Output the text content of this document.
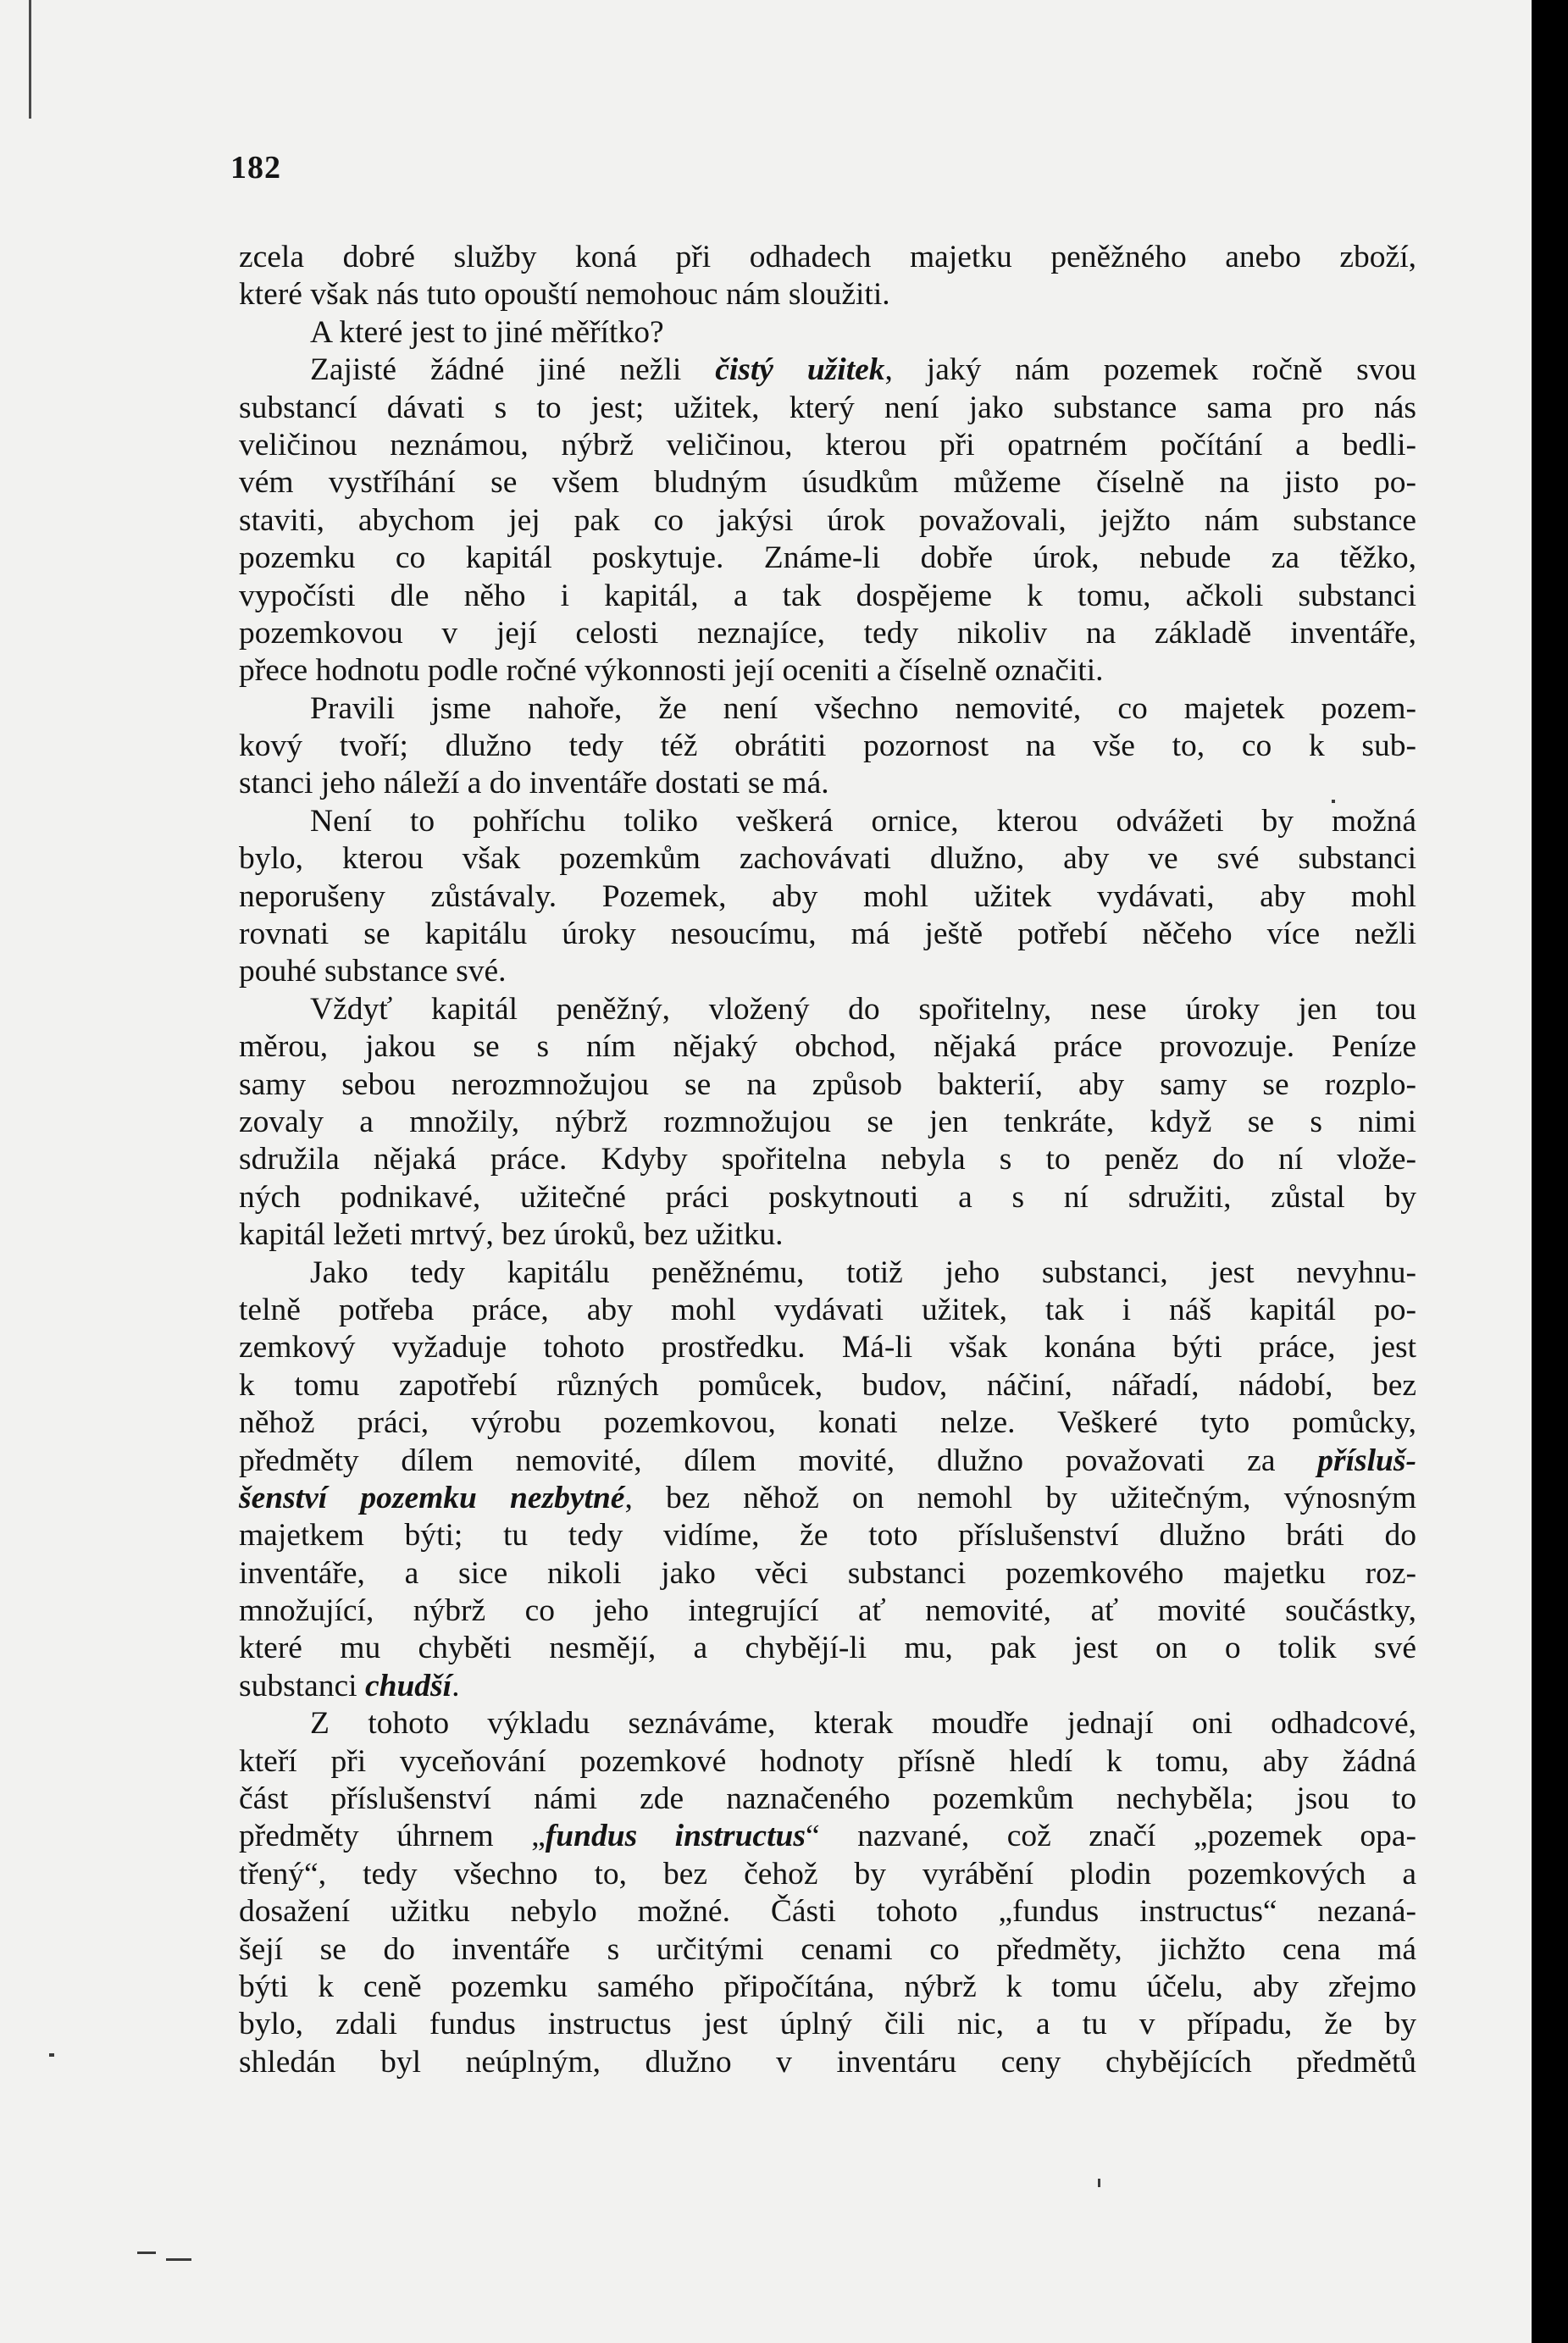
182
zcela dobré služby koná při odhadech majetku peněžného anebo zboží,
které však nás tuto opouští nemohouc nám sloužiti.
A které jest to jiné měřítko?
Zajisté žádné jiné nežli čistý užitek, jaký nám pozemek ročně svou
substancí dávati s to jest; užitek, který není jako substance sama pro nás
veličinou neznámou, nýbrž veličinou, kterou při opatrném počítání a bedli-
vém vystříhání se všem bludným úsudkům můžeme číselně na jisto po-
staviti, abychom jej pak co jakýsi úrok považovali, jejžto nám substance
pozemku co kapitál poskytuje. Známe-li dobře úrok, nebude za těžko,
vypočísti dle něho i kapitál, a tak dospějeme k tomu, ačkoli substanci
pozemkovou v její celosti neznajíce, tedy nikoliv na základě inventáře,
přece hodnotu podle ročné výkonnosti její oceniti a číselně označiti.
Pravili jsme nahoře, že není všechno nemovité, co majetek pozem-
kový tvoří; dlužno tedy též obrátiti pozornost na vše to, co k sub-
stanci jeho náleží a do inventáře dostati se má.
Není to pohříchu toliko veškerá ornice, kterou odvážeti by možná
bylo, kterou však pozemkům zachovávati dlužno, aby ve své substanci
neporušeny zůstávaly. Pozemek, aby mohl užitek vydávati, aby mohl
rovnati se kapitálu úroky nesoucímu, má ještě potřebí něčeho více nežli
pouhé substance své.
Vždyť kapitál peněžný, vložený do spořitelny, nese úroky jen tou
měrou, jakou se s ním nějaký obchod, nějaká práce provozuje. Peníze
samy sebou nerozmnožujou se na způsob bakterií, aby samy se rozplo-
zovaly a množily, nýbrž rozmnožujou se jen tenkráte, když se s nimi
sdružila nějaká práce. Kdyby spořitelna nebyla s to peněz do ní vlože-
ných podnikavé, užitečné práci poskytnouti a s ní sdružiti, zůstal by
kapitál ležeti mrtvý, bez úroků, bez užitku.
Jako tedy kapitálu peněžnému, totiž jeho substanci, jest nevyhnu-
telně potřeba práce, aby mohl vydávati užitek, tak i náš kapitál po-
zemkový vyžaduje tohoto prostředku. Má-li však konána býti práce, jest
k tomu zapotřebí různých pomůcek, budov, náčiní, nářadí, nádobí, bez
něhož práci, výrobu pozemkovou, konati nelze. Veškeré tyto pomůcky,
předměty dílem nemovité, dílem movité, dlužno považovati za přísluš-
šenství pozemku nezbytné, bez něhož on nemohl by užitečným, výnosným
majetkem býti; tu tedy vidíme, že toto příslušenství dlužno bráti do
inventáře, a sice nikoli jako věci substanci pozemkového majetku roz-
množující, nýbrž co jeho integrující ať nemovité, ať movité součástky,
které mu chyběti nesmějí, a chybějí-li mu, pak jest on o tolik své
substanci chudší.
Z tohoto výkladu seznáváme, kterak moudře jednají oni odhadcové,
kteří při vyceňování pozemkové hodnoty přísně hledí k tomu, aby žádná
část příslušenství námi zde naznačeného pozemkům nechyběla; jsou to
předměty úhrnem „fundus instructus“ nazvané, což značí „pozemek opa-
třený“, tedy všechno to, bez čehož by vyrábění plodin pozemkových a
dosažení užitku nebylo možné. Části tohoto „fundus instructus“ nezaná-
šejí se do inventáře s určitými cenami co předměty, jichžto cena má
býti k ceně pozemku samého připočítána, nýbrž k tomu účelu, aby zřejmo
bylo, zdali fundus instructus jest úplný čili nic, a tu v případu, že by
shledán byl neúplným, dlužno v inventáru ceny chybějících předmětů
